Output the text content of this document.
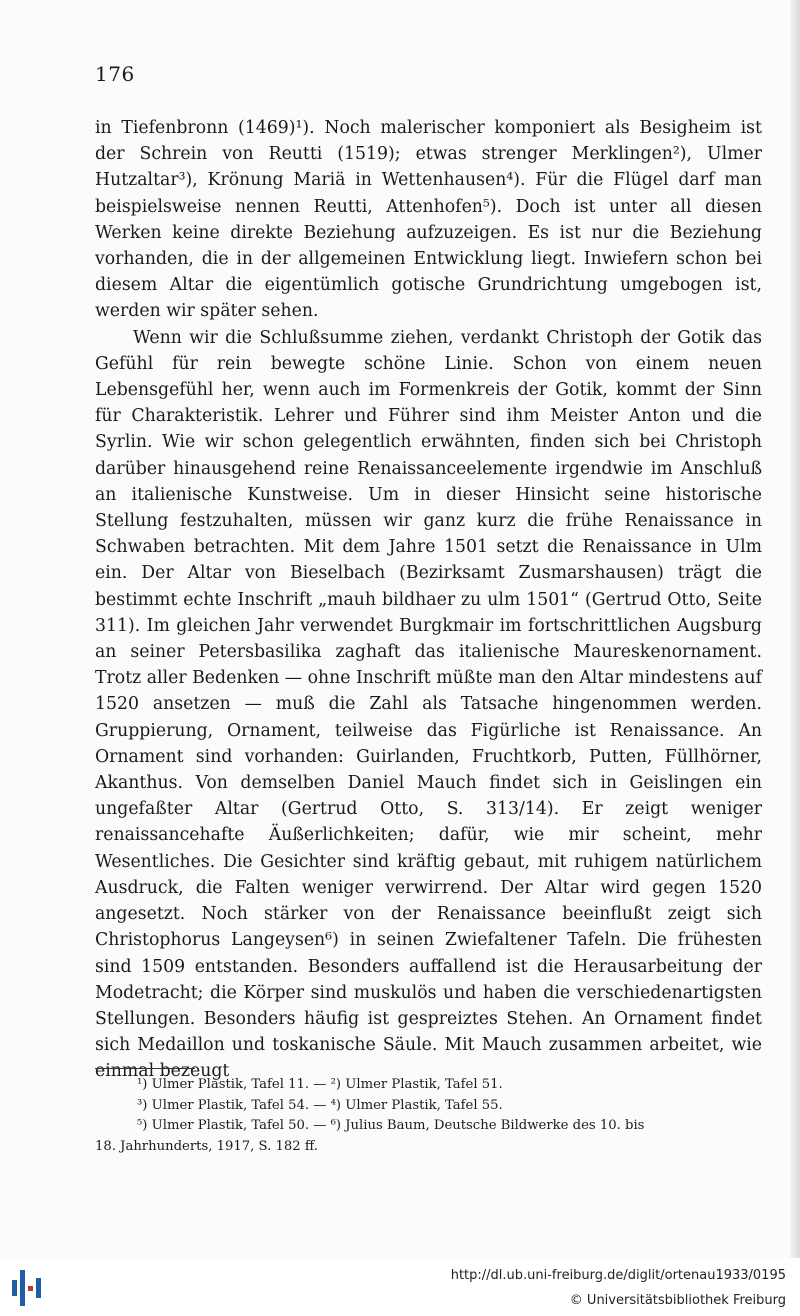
176

in Tiefenbronn (1469)¹). Noch malerischer komponiert als Besigheim ist der Schrein von Reutti (1519); etwas strenger Merklingen²), Ulmer Hutzaltar³), Krönung Mariä in Wettenhausen⁴). Für die Flügel darf man beispielsweise nennen Reutti, Attenhofen⁵). Doch ist unter all diesen Werken keine direkte Beziehung aufzuzeigen. Es ist nur die Beziehung vorhanden, die in der allgemeinen Entwicklung liegt. Inwiefern schon bei diesem Altar die eigentümlich gotische Grundrichtung umgebogen ist, werden wir später sehen.

Wenn wir die Schlußsumme ziehen, verdankt Christoph der Gotik das Gefühl für rein bewegte schöne Linie. Schon von einem neuen Lebensgefühl her, wenn auch im Formenkreis der Gotik, kommt der Sinn für Charakteristik. Lehrer und Führer sind ihm Meister Anton und die Syrlin. Wie wir schon gelegentlich erwähnten, finden sich bei Christoph darüber hinausgehend reine Renaissanceelemente irgendwie im Anschluß an italienische Kunstweise. Um in dieser Hinsicht seine historische Stellung festzuhalten, müssen wir ganz kurz die frühe Renaissance in Schwaben betrachten. Mit dem Jahre 1501 setzt die Renaissance in Ulm ein. Der Altar von Bieselbach (Bezirksamt Zusmarshausen) trägt die bestimmt echte Inschrift „mauh bildhaer zu ulm 1501“ (Gertrud Otto, Seite 311). Im gleichen Jahr verwendet Burgkmair im fortschrittlichen Augsburg an seiner Petersbasilika zaghaft das italienische Maureskenornament. Trotz aller Bedenken — ohne Inschrift müßte man den Altar mindestens auf 1520 ansetzen — muß die Zahl als Tatsache hingenommen werden. Gruppierung, Ornament, teilweise das Figürliche ist Renaissance. An Ornament sind vorhanden: Guirlanden, Fruchtkorb, Putten, Füllhörner, Akanthus. Von demselben Daniel Mauch findet sich in Geislingen ein ungefaßter Altar (Gertrud Otto, S. 313/14). Er zeigt weniger renaissancehafte Äußerlichkeiten; dafür, wie mir scheint, mehr Wesentliches. Die Gesichter sind kräftig gebaut, mit ruhigem natürlichem Ausdruck, die Falten weniger verwirrend. Der Altar wird gegen 1520 angesetzt. Noch stärker von der Renaissance beeinflußt zeigt sich Christophorus Langeysen⁶) in seinen Zwiefaltener Tafeln. Die frühesten sind 1509 entstanden. Besonders auffallend ist die Herausarbeitung der Modetracht; die Körper sind muskulös und haben die verschiedenartigsten Stellungen. Besonders häufig ist gespreiztes Stehen. An Ornament findet sich Medaillon und toskanische Säule. Mit Mauch zusammen arbeitet, wie einmal bezeugt

¹) Ulmer Plastik, Tafel 11. — ²) Ulmer Plastik, Tafel 51.
³) Ulmer Plastik, Tafel 54. — ⁴) Ulmer Plastik, Tafel 55.
⁵) Ulmer Plastik, Tafel 50. — ⁶) Julius Baum, Deutsche Bildwerke des 10. bis
18. Jahrhunderts, 1917, S. 182 ff.
http://dl.ub.uni-freiburg.de/diglit/ortenau1933/0195
© Universitätsbibliothek Freiburg
